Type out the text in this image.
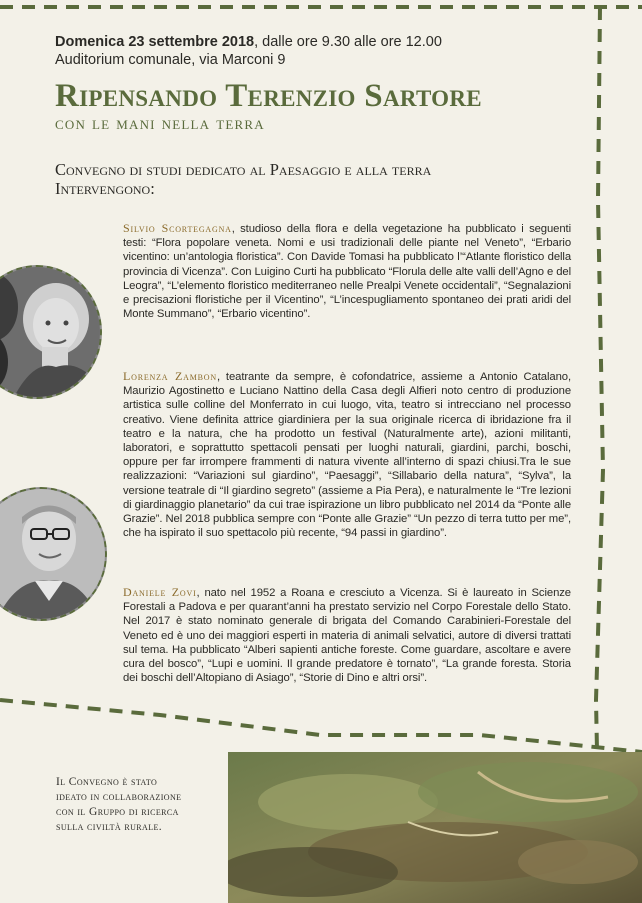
Domenica 23 settembre 2018, dalle ore 9.30 alle ore 12.00
Auditorium comunale, via Marconi 9
Ripensando Terenzio Sartore
con le mani nella terra
Convegno di studi dedicato al Paesaggio e alla terra
Intervengono:
Silvio Scortegagna, studioso della flora e della vegetazione ha pubblicato i seguenti testi: “Flora popolare veneta. Nomi e usi tradizionali delle piante nel Veneto”, “Erbario vicentino: un’antologia floristica”. Con Davide Tomasi ha pubblicato l’“Atlante floristico della provincia di Vicenza”. Con Luigino Curti ha pubblicato “Florula delle alte valli dell’Agno e del Leogra”, “L’elemento floristico mediterraneo nelle Prealpi Venete occidentali”, “Segnalazioni e precisazioni floristiche per il Vicentino”, “L’incespugliamento spontaneo dei prati aridi del Monte Summano”, “Erbario vicentino”.
Lorenza Zambon, teatrante da sempre, è cofondatrice, assieme a Antonio Catalano, Maurizio Agostinetto e Luciano Nattino della Casa degli Alfieri noto centro di produzione artistica sulle colline del Monferrato in cui luogo, vita, teatro si intrecciano nel processo creativo. Viene definita attrice giardiniera per la sua originale ricerca di ibridazione fra il teatro e la natura, che ha prodotto un festival (Naturalmente arte), azioni militanti, laboratori, e soprattutto spettacoli pensati per luoghi naturali, giardini, parchi, boschi, oppure per far irrompere frammenti di natura vivente all’interno di spazi chiusi.Tra le sue realizzazioni: “Variazioni sul giardino”, “Paesaggi”, “Sillabario della natura”, “Sylva”, la versione teatrale di “Il giardino segreto” (assieme a Pia Pera), e naturalmente le “Tre lezioni di giardinaggio planetario” da cui trae ispirazione un libro pubblicato nel 2014 da “Ponte alle Grazie”. Nel 2018 pubblica sempre con “Ponte alle Grazie” “Un pezzo di terra tutto per me”, che ha ispirato il suo spettacolo più recente, “94 passi in giardino”.
Daniele Zovi, nato nel 1952 a Roana e cresciuto a Vicenza. Si è laureato in Scienze Forestali a Padova e per quarant’anni ha prestato servizio nel Corpo Forestale dello Stato. Nel 2017 è stato nominato generale di brigata del Comando Carabinieri-Forestale del Veneto ed è uno dei maggiori esperti in materia di animali selvatici, autore di diversi trattati sul tema. Ha pubblicato “Alberi sapienti antiche foreste. Come guardare, ascoltare e avere cura del bosco”, “Lupi e uomini. Il grande predatore è tornato”, “La grande foresta. Storia dei boschi dell’Altopiano di Asiago”, “Storie di Dino e altri orsi”.
Il Convegno è stato
ideato in collaborazione
con il Gruppo di ricerca
sulla civiltà rurale.
